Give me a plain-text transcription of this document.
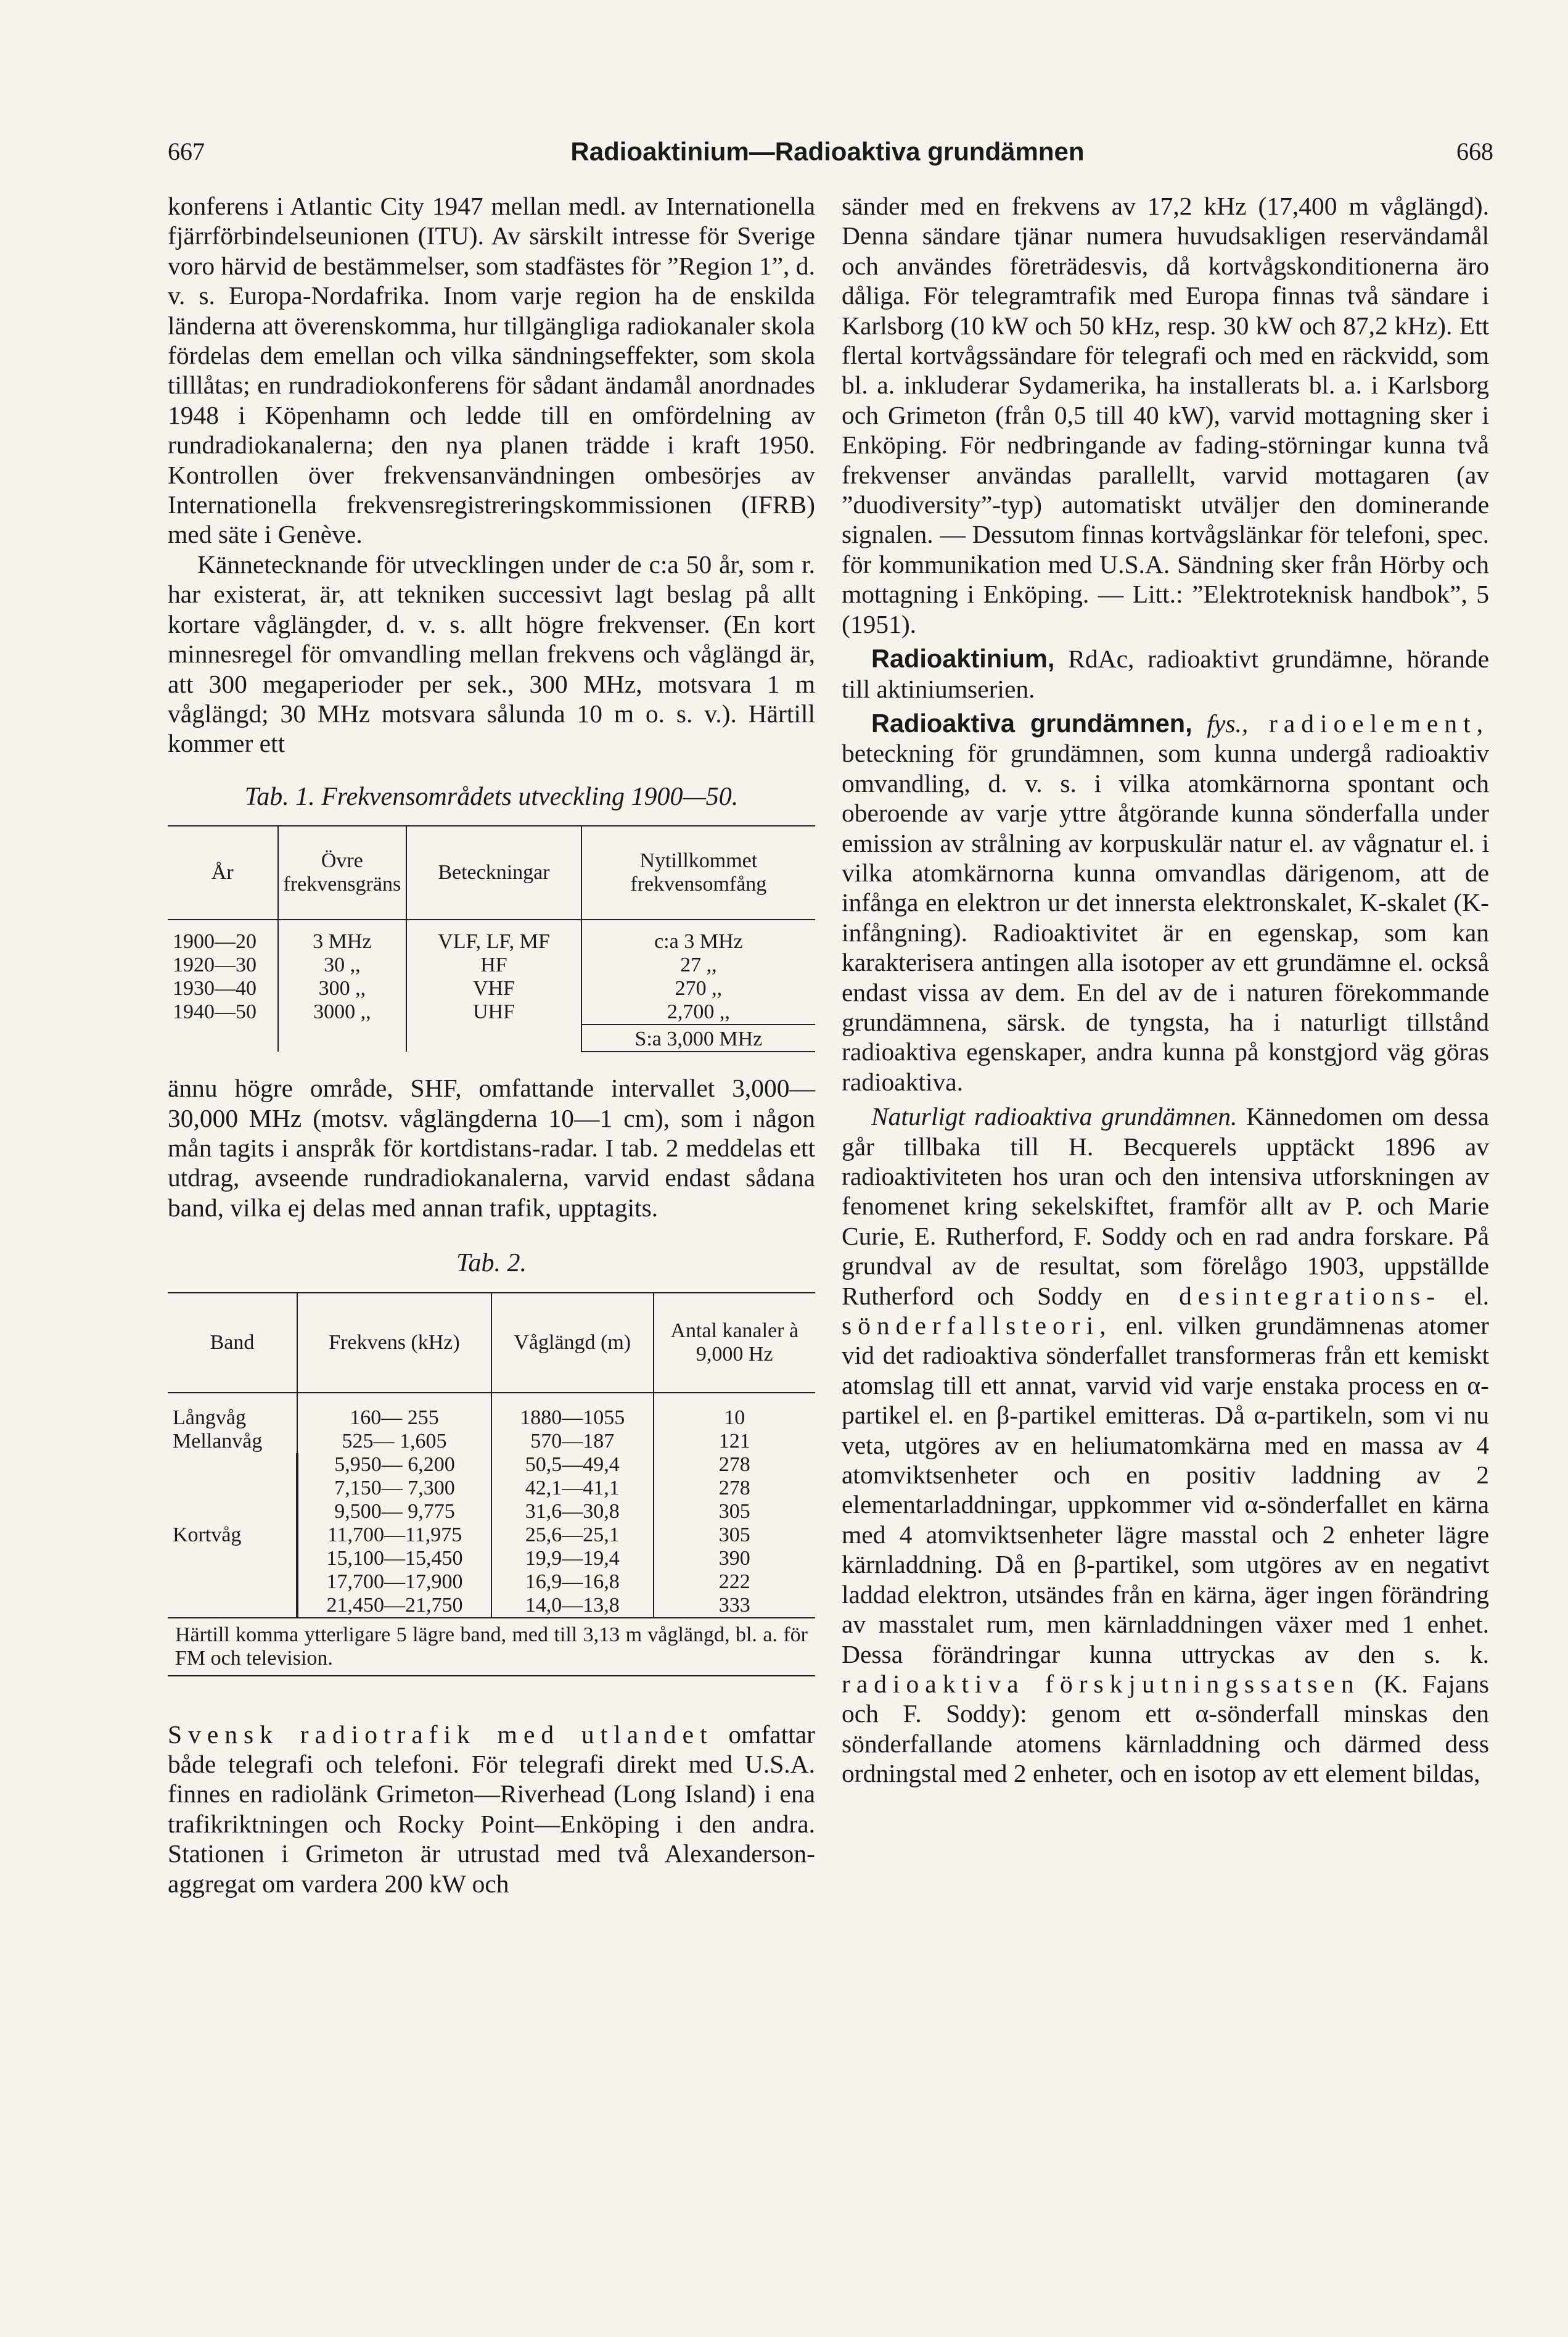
667	Radioaktinium—Radioaktiva grundämnen	668

konferens i Atlantic City 1947 mellan medl. av Internationella fjärrförbindelseunionen (ITU). Av särskilt intresse för Sverige voro härvid de bestämmelser, som stadfästes för ”Region 1”, d. v. s. Europa-Nordafrika. Inom varje region ha de enskilda länderna att överenskomma, hur tillgängliga radiokanaler skola fördelas dem emellan och vilka sändningseffekter, som skola tilllåtas; en rundradiokonferens för sådant ändamål anordnades 1948 i Köpenhamn och ledde till en omfördelning av rundradiokanalerna; den nya planen trädde i kraft 1950. Kontrollen över frekvensanvändningen ombesörjes av Internationella frekvensregistreringskommissionen (IFRB) med säte i Genève.

Kännetecknande för utvecklingen under de c:a 50 år, som r. har existerat, är, att tekniken successivt lagt beslag på allt kortare våglängder, d. v. s. allt högre frekvenser. (En kort minnesregel för omvandling mellan frekvens och våglängd är, att 300 megaperioder per sek., 300 MHz, motsvara 1 m våglängd; 30 MHz motsvara sålunda 10 m o. s. v.). Härtill kommer ett

Tab. 1. Frekvensområdets utveckling 1900—50.
År	Övre frekvensgräns	Beteckningar	Nytillkommet frekvensomfång
1900—20	3 MHz	VLF, LF, MF	c:a 3 MHz
1920—30	30 ,,	HF	27 ,,
1930—40	300 ,,	VHF	270 ,,
1940—50	3000 ,,	UHF	2,700 ,,
			S:a 3,000 MHz

ännu högre område, SHF, omfattande intervallet 3,000—30,000 MHz (motsv. våglängderna 10—1 cm), som i någon mån tagits i anspråk för kortdistans-radar. I tab. 2 meddelas ett utdrag, avseende rundradiokanalerna, varvid endast sådana band, vilka ej delas med annan trafik, upptagits.

Tab. 2.
Band	Frekvens (kHz)	Våglängd (m)	Antal kanaler à 9,000 Hz
Långvåg	160— 255	1880—1055	10
Mellanvåg	525— 1,605	570—187	121
	5,950— 6,200	50,5—49,4	278
	7,150— 7,300	42,1—41,1	278
	9,500— 9,775	31,6—30,8	305
Kortvåg	11,700—11,975	25,6—25,1	305
	15,100—15,450	19,9—19,4	390
	17,700—17,900	16,9—16,8	222
	21,450—21,750	14,0—13,8	333
Härtill komma ytterligare 5 lägre band, med till 3,13 m våglängd, bl. a. för FM och television.			

Svensk radiotrafik med utlandet omfattar både telegrafi och telefoni. För telegrafi direkt med U.S.A. finnes en radiolänk Grimeton—Riverhead (Long Island) i ena trafikriktningen och Rocky Point—Enköping i den andra. Stationen i Grimeton är utrustad med två Alexanderson-aggregat om vardera 200 kW och

sänder med en frekvens av 17,2 kHz (17,400 m våglängd). Denna sändare tjänar numera huvudsakligen reservändamål och användes företrädesvis, då kortvågskonditionerna äro dåliga. För telegramtrafik med Europa finnas två sändare i Karlsborg (10 kW och 50 kHz, resp. 30 kW och 87,2 kHz). Ett flertal kortvågssändare för telegrafi och med en räckvidd, som bl. a. inkluderar Sydamerika, ha installerats bl. a. i Karlsborg och Grimeton (från 0,5 till 40 kW), varvid mottagning sker i Enköping. För nedbringande av fading-störningar kunna två frekvenser användas parallellt, varvid mottagaren (av ”duodiversity”-typ) automatiskt utväljer den dominerande signalen. — Dessutom finnas kortvågslänkar för telefoni, spec. för kommunikation med U.S.A. Sändning sker från Hörby och mottagning i Enköping. — Litt.: ”Elektroteknisk handbok”, 5 (1951).

Radioaktinium, RdAc, radioaktivt grundämne, hörande till aktiniumserien.

Radioaktiva grundämnen, fys., radioelement, beteckning för grundämnen, som kunna undergå radioaktiv omvandling, d. v. s. i vilka atomkärnorna spontant och oberoende av varje yttre åtgörande kunna sönderfalla under emission av strålning av korpuskulär natur el. av vågnatur el. i vilka atomkärnorna kunna omvandlas därigenom, att de infånga en elektron ur det innersta elektronskalet, K-skalet (K-infångning). Radioaktivitet är en egenskap, som kan karakterisera antingen alla isotoper av ett grundämne el. också endast vissa av dem. En del av de i naturen förekommande grundämnena, särsk. de tyngsta, ha i naturligt tillstånd radioaktiva egenskaper, andra kunna på konstgjord väg göras radioaktiva.

Naturligt radioaktiva grundämnen. Kännedomen om dessa går tillbaka till H. Becquerels upptäckt 1896 av radioaktiviteten hos uran och den intensiva utforskningen av fenomenet kring sekelskiftet, framför allt av P. och Marie Curie, E. Rutherford, F. Soddy och en rad andra forskare. På grundval av de resultat, som förelågo 1903, uppställde Rutherford och Soddy en desintegrations- el. sönderfallsteori, enl. vilken grundämnenas atomer vid det radioaktiva sönderfallet transformeras från ett kemiskt atomslag till ett annat, varvid vid varje enstaka process en α-partikel el. en β-partikel emitteras. Då α-partikeln, som vi nu veta, utgöres av en heliumatomkärna med en massa av 4 atomviktsenheter och en positiv laddning av 2 elementarladdningar, uppkommer vid α-sönderfallet en kärna med 4 atomviktsenheter lägre masstal och 2 enheter lägre kärnladdning. Då en β-partikel, som utgöres av en negativt laddad elektron, utsändes från en kärna, äger ingen förändring av masstalet rum, men kärnladdningen växer med 1 enhet. Dessa förändringar kunna uttryckas av den s. k. radioaktiva förskjutningssatsen (K. Fajans och F. Soddy): genom ett α-sönderfall minskas den sönderfallande atomens kärnladdning och därmed dess ordningstal med 2 enheter, och en isotop av ett element bildas,
